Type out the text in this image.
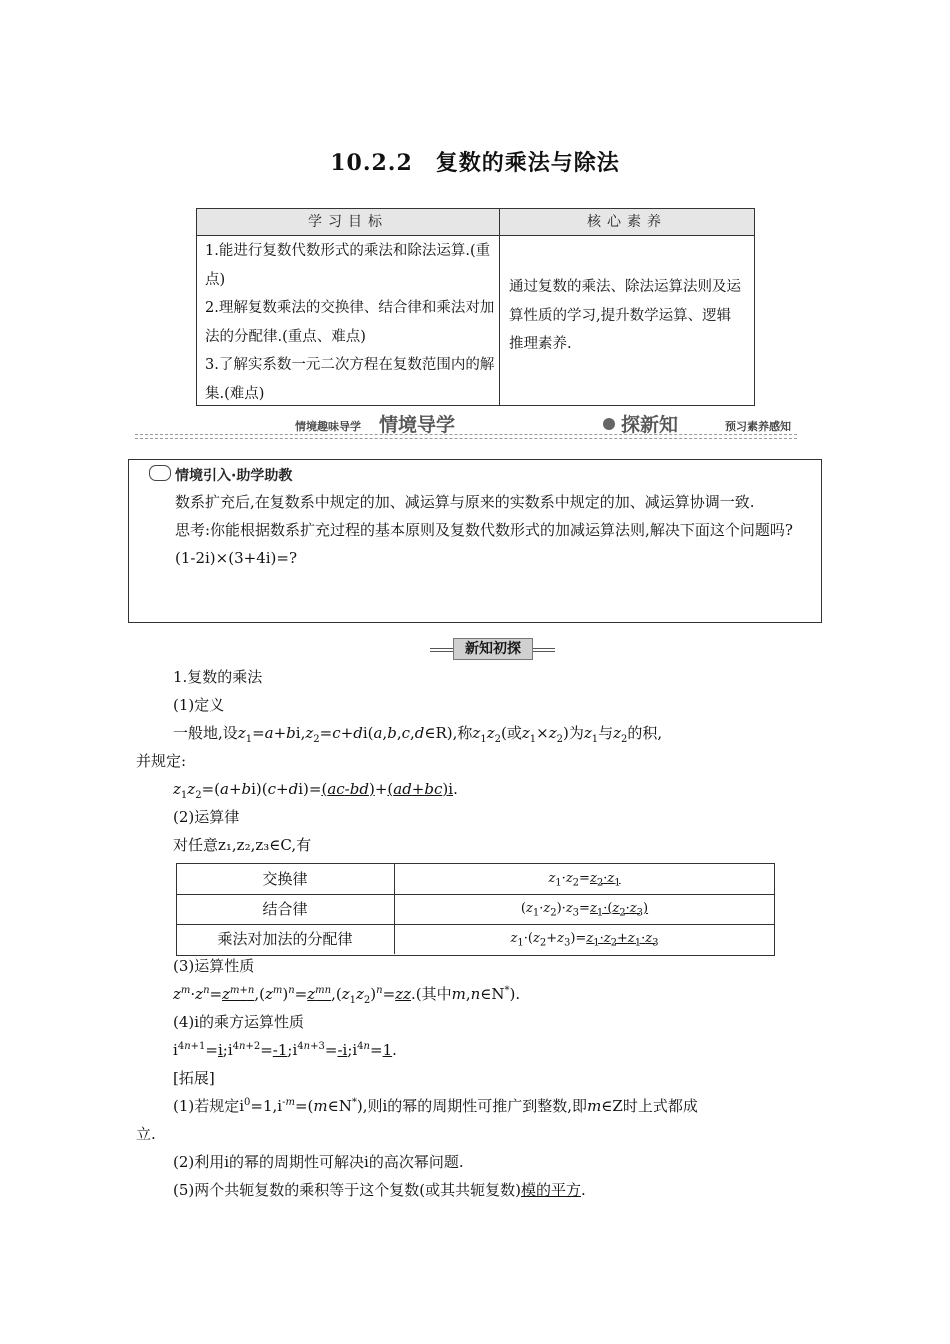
10.2.2　复数的乘法与除法
学习目标	核心素养
1.能进行复数代数形式的乘法和除法运算.(重点)
2.理解复数乘法的交换律、结合律和乘法对加法的分配律.(重点、难点)
3.了解实系数一元二次方程在复数范围内的解集.(难点)
通过复数的乘法、除法运算法则及运算性质的学习,提升数学运算、逻辑推理素养.
情境趣味导学 情境导学	探新知	预习素养感知
情境引入·助学助教
数系扩充后,在复数系中规定的加、减运算与原来的实数系中规定的加、减运算协调一致.
思考:你能根据数系扩充过程的基本原则及复数代数形式的加减运算法则,解决下面这个问题吗?
(1-2i)×(3+4i)=?
新知初探
1.复数的乘法
(1)定义
一般地,设$z_1=a+bi,z_2=c+di(a,b,c,d\in R)$,称$z_1z_2$(或$z_1\times z_2$)为$z_1$与$z_2$的积,
并规定:
$z_1z_2=(a+bi)(c+di)=(ac-bd)+(ad+bc)i$.
(2)运算律
对任意z₁,z₂,z₃∈C,有
交换律	$z_1\cdot z_2=z_2\cdot z_1$
结合律	$(z_1\cdot z_2)\cdot z_3=z_1\cdot(z_2\cdot z_3)$
乘法对加法的分配律	$z_1\cdot(z_2+z_3)=z_1\cdot z_2+z_1\cdot z_3$
(3)运算性质
$z^m\cdot z^n=z^{m+n},(z^m)^n=z^{mn},(z_1z_2)^n=zz$.(其中m,n∈N*).
(4)i的乘方运算性质
$i^{4n+1}=i;i^{4n+2}=-1;i^{4n+3}=-i;i^{4n}=1$.
[拓展]
(1)若规定$i^0=1,i^{-m}=(m\in N^*)$,则i的幂的周期性可推广到整数,即m∈Z时上式都成
立.
(2)利用i的幂的周期性可解决i的高次幂问题.
(5)两个共轭复数的乘积等于这个复数(或其共轭复数)模的平方.
